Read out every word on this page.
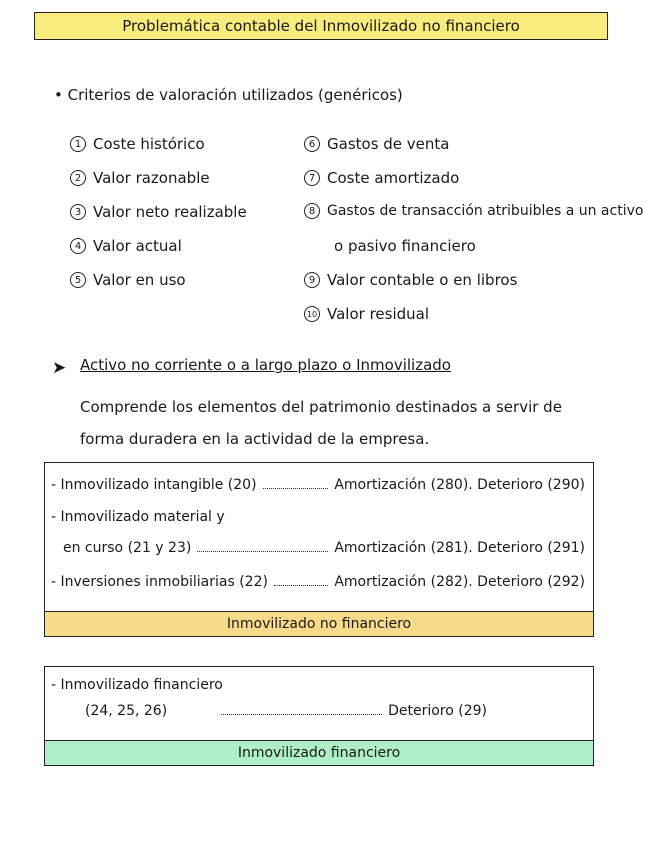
Problemática contable del Inmovilizado no financiero
• Criterios de valoración utilizados (genéricos)
1 Coste histórico
2 Valor razonable
3 Valor neto realizable
4 Valor actual
5 Valor en uso
6 Gastos de venta
7 Coste amortizado
8 Gastos de transacción atribuibles a un activo
o pasivo financiero
9 Valor contable o en libros
10 Valor residual
➤ Activo no corriente o a largo plazo o Inmovilizado
Comprende los elementos del patrimonio destinados a servir de forma duradera en la actividad de la empresa.
- Inmovilizado intangible (20)	Amortización (280). Deterioro (290)
- Inmovilizado material y
en curso (21 y 23)	Amortización (281). Deterioro (291)
- Inversiones inmobiliarias (22)	Amortización (282). Deterioro (292)
Inmovilizado no financiero
- Inmovilizado financiero
(24, 25, 26)	Deterioro (29)
Inmovilizado financiero
